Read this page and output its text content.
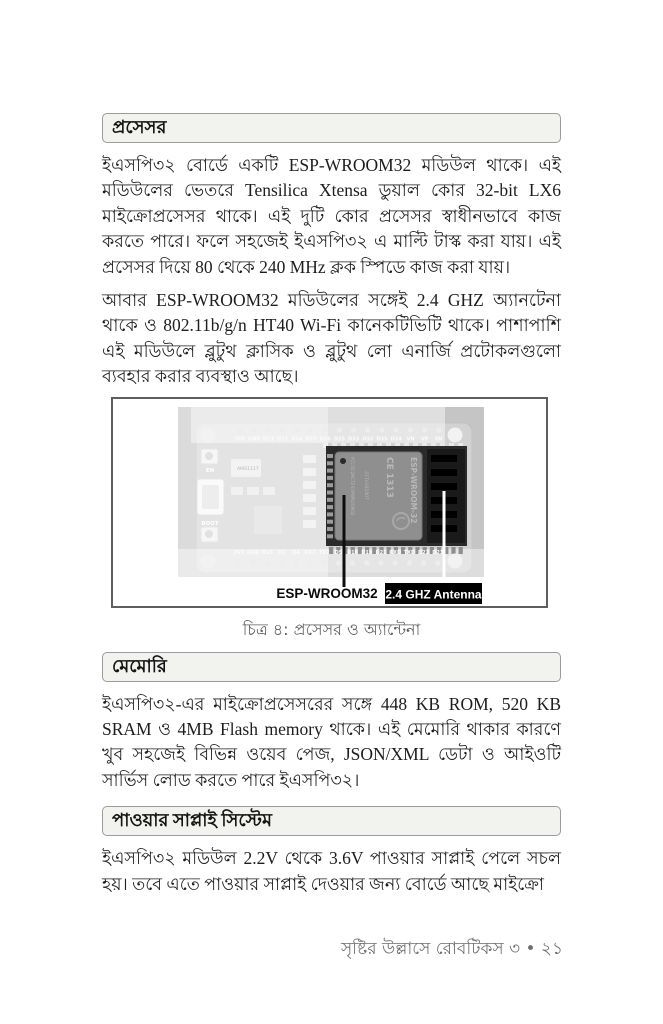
প্রসেসর

ইএসপি৩২ বোর্ডে একটি ESP-WROOM32 মডিউল থাকে। এই মডিউলের ভেতরে Tensilica Xtensa ডুয়াল কোর 32-bit LX6 মাইক্রোপ্রসেসর থাকে। এই দুটি কোর প্রসেসর স্বাধীনভাবে কাজ করতে পারে। ফলে সহজেই ইএসপি৩২ এ মাল্টি টাস্ক করা যায়। এই প্রসেসর দিয়ে 80 থেকে 240 MHz ক্লক স্পিডে কাজ করা যায়।

আবার ESP-WROOM32 মডিউলের সঙ্গেই 2.4 GHZ অ্যানটেনা থাকে ও 802.11b/g/n HT40 Wi-Fi কানেকটিভিটি থাকে। পাশাপাশি এই মডিউলে ব্লুটুথ ক্লাসিক ও ব্লুটুথ লো এনার্জি প্রটোকলগুলো ব্যবহার করার ব্যবস্থাও আছে।

EN
BOOT
AMS1117	FCC ID:2AC7Z-ESPWROOM32 21Tx161007 CE 1313 ESP-WROOM-32
VIN GND D13 D12 D14 D27 D26 D25 D33 D32 D35 D34 VN VP EN
3V3 GND D15 D2 D4 RX2 TX2 D5 D18 D19 D21 RXD TXD D22 D23
ESP-WROOM32 2.4 GHZ Antenna
চিত্র ৪: প্রসেসর ও অ্যান্টেনা
মেমোরি

ইএসপি৩২-এর মাইক্রোপ্রসেসরের সঙ্গে 448 KB ROM, 520 KB SRAM ও 4MB Flash memory থাকে। এই মেমোরি থাকার কারণে খুব সহজেই বিভিন্ন ওয়েব পেজ, JSON/XML ডেটা ও আইওটি সার্ভিস লোড করতে পারে ইএসপি৩২।

পাওয়ার সাপ্লাই সিস্টেম

ইএসপি৩২ মডিউল 2.2V থেকে 3.6V পাওয়ার সাপ্লাই পেলে সচল হয়। তবে এতে পাওয়ার সাপ্লাই দেওয়ার জন্য বোর্ডে আছে মাইক্রো

সৃষ্টির উল্লাসে রোবটিকস ৩ • ২১
